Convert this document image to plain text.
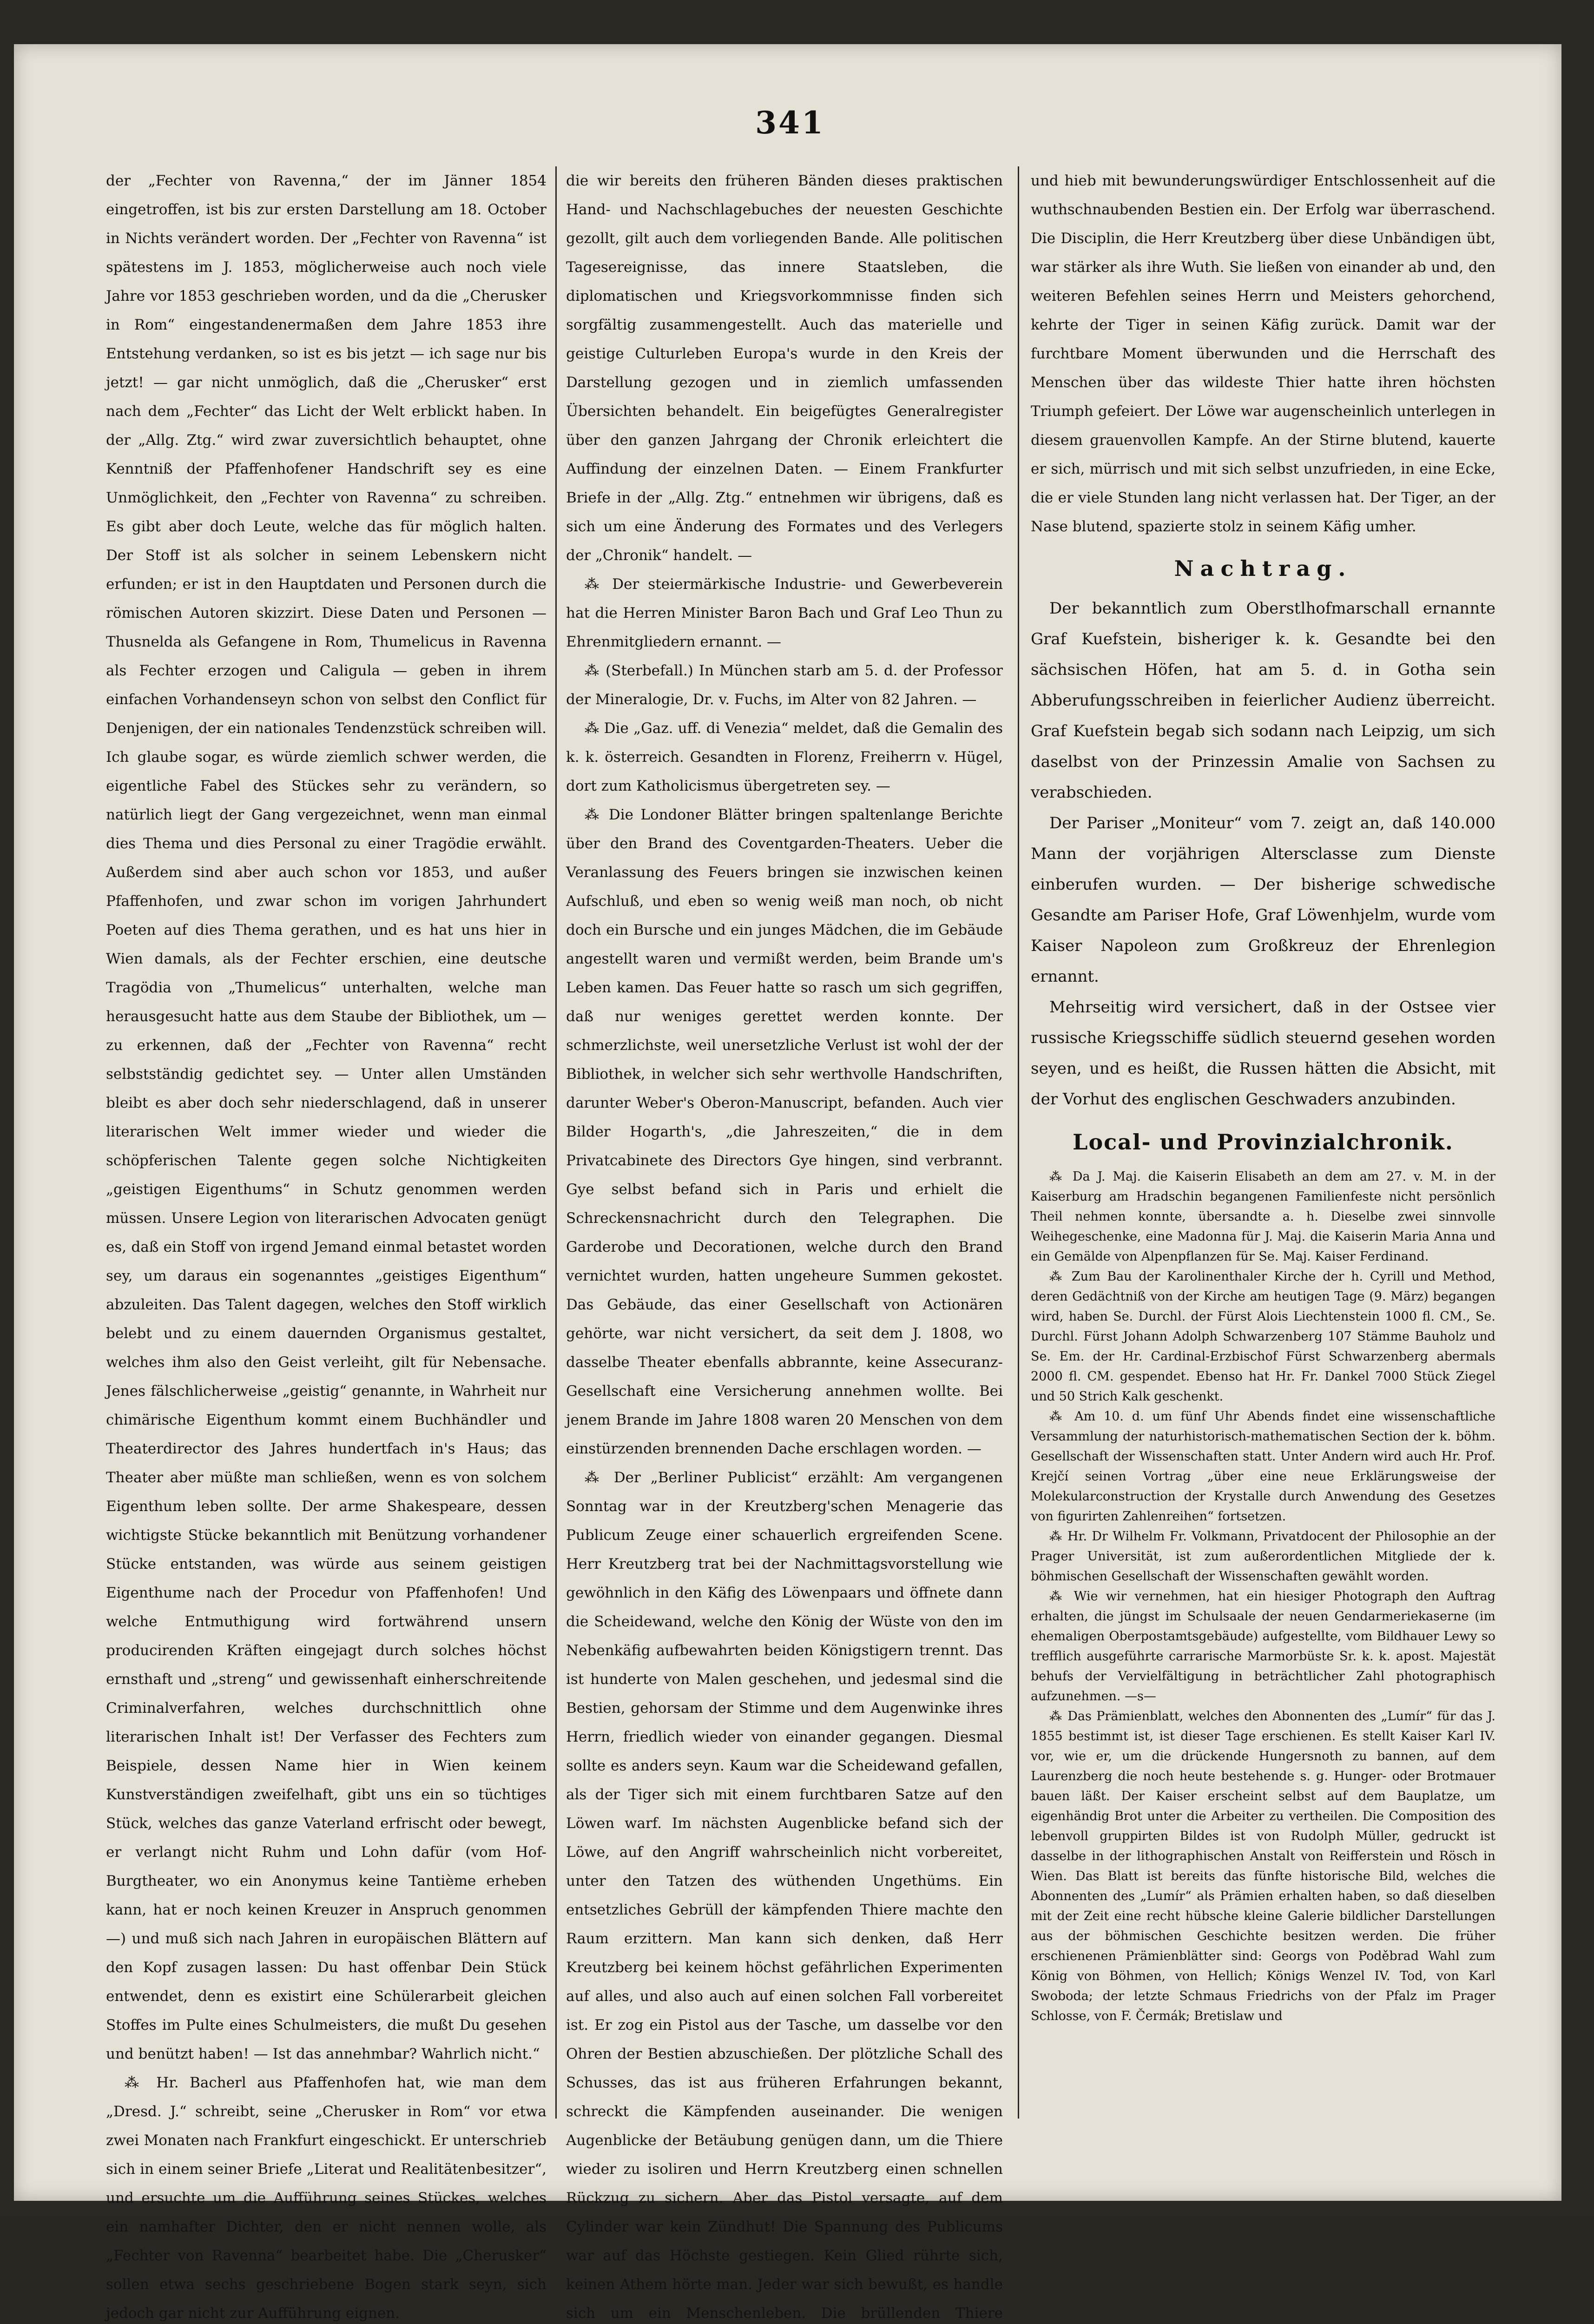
341

der „Fechter von Ravenna,“ der im Jänner 1854 eingetroffen, ist bis zur ersten Darstellung am 18. October in Nichts verändert worden. Der „Fechter von Ravenna“ ist spätestens im J. 1853, möglicherweise auch noch viele Jahre vor 1853 geschrieben worden, und da die „Cherusker in Rom“ eingestandenermaßen dem Jahre 1853 ihre Entstehung verdanken, so ist es bis jetzt — ich sage nur bis jetzt! — gar nicht unmöglich, daß die „Cherusker“ erst nach dem „Fechter“ das Licht der Welt erblickt haben. In der „Allg. Ztg.“ wird zwar zuversichtlich behauptet, ohne Kenntniß der Pfaffenhofener Handschrift sey es eine Unmöglichkeit, den „Fechter von Ravenna“ zu schreiben. Es gibt aber doch Leute, welche das für möglich halten. Der Stoff ist als solcher in seinem Lebenskern nicht erfunden; er ist in den Hauptdaten und Personen durch die römischen Autoren skizzirt. Diese Daten und Personen — Thusnelda als Gefangene in Rom, Thumelicus in Ravenna als Fechter erzogen und Caligula — geben in ihrem einfachen Vorhandenseyn schon von selbst den Conflict für Denjenigen, der ein nationales Tendenzstück schreiben will. Ich glaube sogar, es würde ziemlich schwer werden, die eigentliche Fabel des Stückes sehr zu verändern, so natürlich liegt der Gang vergezeichnet, wenn man einmal dies Thema und dies Personal zu einer Tragödie erwählt. Außerdem sind aber auch schon vor 1853, und außer Pfaffenhofen, und zwar schon im vorigen Jahrhundert Poeten auf dies Thema gerathen, und es hat uns hier in Wien damals, als der Fechter erschien, eine deutsche Tragödia von „Thumelicus“ unterhalten, welche man herausgesucht hatte aus dem Staube der Bibliothek, um — zu erkennen, daß der „Fechter von Ravenna“ recht selbstständig gedichtet sey. — Unter allen Umständen bleibt es aber doch sehr niederschlagend, daß in unserer literarischen Welt immer wieder und wieder die schöpferischen Talente gegen solche Nichtigkeiten „geistigen Eigenthums“ in Schutz genommen werden müssen. Unsere Legion von literarischen Advocaten genügt es, daß ein Stoff von irgend Jemand einmal betastet worden sey, um daraus ein sogenanntes „geistiges Eigenthum“ abzuleiten. Das Talent dagegen, welches den Stoff wirklich belebt und zu einem dauernden Organismus gestaltet, welches ihm also den Geist verleiht, gilt für Nebensache. Jenes fälschlicherweise „geistig“ genannte, in Wahrheit nur chimärische Eigenthum kommt einem Buchhändler und Theaterdirector des Jahres hundertfach in's Haus; das Theater aber müßte man schließen, wenn es von solchem Eigenthum leben sollte. Der arme Shakespeare, dessen wichtigste Stücke bekanntlich mit Benützung vorhandener Stücke entstanden, was würde aus seinem geistigen Eigenthume nach der Procedur von Pfaffenhofen! Und welche Entmuthigung wird fortwährend unsern producirenden Kräften eingejagt durch solches höchst ernsthaft und „streng“ und gewissenhaft einherschreitende Criminalverfahren, welches durchschnittlich ohne literarischen Inhalt ist! Der Verfasser des Fechters zum Beispiele, dessen Name hier in Wien keinem Kunstverständigen zweifelhaft, gibt uns ein so tüchtiges Stück, welches das ganze Vaterland erfrischt oder bewegt, er verlangt nicht Ruhm und Lohn dafür (vom Hof-Burgtheater, wo ein Anonymus keine Tantième erheben kann, hat er noch keinen Kreuzer in Anspruch genommen —) und muß sich nach Jahren in europäischen Blättern auf den Kopf zusagen lassen: Du hast offenbar Dein Stück entwendet, denn es existirt eine Schülerarbeit gleichen Stoffes im Pulte eines Schulmeisters, die mußt Du gesehen und benützt haben! — Ist das annehmbar? Wahrlich nicht.“

⁂ Hr. Bacherl aus Pfaffenhofen hat, wie man dem „Dresd. J.“ schreibt, seine „Cherusker in Rom“ vor etwa zwei Monaten nach Frankfurt eingeschickt. Er unterschrieb sich in einem seiner Briefe „Literat und Realitätenbesitzer“, und ersuchte um die Aufführung seines Stückes, welches ein namhafter Dichter, den er nicht nennen wolle, als „Fechter von Ravenna“ bearbeitet habe. Die „Cherusker“ sollen etwa sechs geschriebene Bogen stark seyn, sich jedoch gar nicht zur Aufführung eignen.

die wir bereits den früheren Bänden dieses praktischen Hand- und Nachschlagebuches der neuesten Geschichte gezollt, gilt auch dem vorliegenden Bande. Alle politischen Tagesereignisse, das innere Staatsleben, die diplomatischen und Kriegsvorkommnisse finden sich sorgfältig zusammengestellt. Auch das materielle und geistige Culturleben Europa's wurde in den Kreis der Darstellung gezogen und in ziemlich umfassenden Übersichten behandelt. Ein beigefügtes Generalregister über den ganzen Jahrgang der Chronik erleichtert die Auffindung der einzelnen Daten. — Einem Frankfurter Briefe in der „Allg. Ztg.“ entnehmen wir übrigens, daß es sich um eine Änderung des Formates und des Verlegers der „Chronik“ handelt. —

⁂ Der steiermärkische Industrie- und Gewerbeverein hat die Herren Minister Baron Bach und Graf Leo Thun zu Ehrenmitgliedern ernannt. —

⁂ (Sterbefall.) In München starb am 5. d. der Professor der Mineralogie, Dr. v. Fuchs, im Alter von 82 Jahren. —

⁂ Die „Gaz. uff. di Venezia“ meldet, daß die Gemalin des k. k. österreich. Gesandten in Florenz, Freiherrn v. Hügel, dort zum Katholicismus übergetreten sey. —

⁂ Die Londoner Blätter bringen spaltenlange Berichte über den Brand des Coventgarden-Theaters. Ueber die Veranlassung des Feuers bringen sie inzwischen keinen Aufschluß, und eben so wenig weiß man noch, ob nicht doch ein Bursche und ein junges Mädchen, die im Gebäude angestellt waren und vermißt werden, beim Brande um's Leben kamen. Das Feuer hatte so rasch um sich gegriffen, daß nur weniges gerettet werden konnte. Der schmerzlichste, weil unersetzliche Verlust ist wohl der der Bibliothek, in welcher sich sehr werthvolle Handschriften, darunter Weber's Oberon-Manuscript, befanden. Auch vier Bilder Hogarth's, „die Jahreszeiten,“ die in dem Privatcabinete des Directors Gye hingen, sind verbrannt. Gye selbst befand sich in Paris und erhielt die Schreckensnachricht durch den Telegraphen. Die Garderobe und Decorationen, welche durch den Brand vernichtet wurden, hatten ungeheure Summen gekostet. Das Gebäude, das einer Gesellschaft von Actionären gehörte, war nicht versichert, da seit dem J. 1808, wo dasselbe Theater ebenfalls abbrannte, keine Assecuranz-Gesellschaft eine Versicherung annehmen wollte. Bei jenem Brande im Jahre 1808 waren 20 Menschen von dem einstürzenden brennenden Dache erschlagen worden. —

⁂ Der „Berliner Publicist“ erzählt: Am vergangenen Sonntag war in der Kreutzberg'schen Menagerie das Publicum Zeuge einer schauerlich ergreifenden Scene. Herr Kreutzberg trat bei der Nachmittagsvorstellung wie gewöhnlich in den Käfig des Löwenpaars und öffnete dann die Scheidewand, welche den König der Wüste von den im Nebenkäfig aufbewahrten beiden Königstigern trennt. Das ist hunderte von Malen geschehen, und jedesmal sind die Bestien, gehorsam der Stimme und dem Augenwinke ihres Herrn, friedlich wieder von einander gegangen. Diesmal sollte es anders seyn. Kaum war die Scheidewand gefallen, als der Tiger sich mit einem furchtbaren Satze auf den Löwen warf. Im nächsten Augenblicke befand sich der Löwe, auf den Angriff wahrscheinlich nicht vorbereitet, unter den Tatzen des wüthenden Ungethüms. Ein entsetzliches Gebrüll der kämpfenden Thiere machte den Raum erzittern. Man kann sich denken, daß Herr Kreutzberg bei keinem höchst gefährlichen Experimenten auf alles, und also auch auf einen solchen Fall vorbereitet ist. Er zog ein Pistol aus der Tasche, um dasselbe vor den Ohren der Bestien abzuschießen. Der plötzliche Schall des Schusses, das ist aus früheren Erfahrungen bekannt, schreckt die Kämpfenden auseinander. Die wenigen Augenblicke der Betäubung genügen dann, um die Thiere wieder zu isoliren und Herrn Kreutzberg einen schnellen Rückzug zu sichern. Aber das Pistol versagte, auf dem Cylinder war kein Zündhut! Die Spannung des Publicums war auf das Höchste gestiegen. Kein Glied rührte sich, keinen Athem hörte man. Jeder war sich bewußt, es handle sich um ein Menschenleben. Die brüllenden Thiere

und hieb mit bewunderungswürdiger Entschlossenheit auf die wuthschnaubenden Bestien ein. Der Erfolg war überraschend. Die Disciplin, die Herr Kreutzberg über diese Unbändigen übt, war stärker als ihre Wuth. Sie ließen von einander ab und, den weiteren Befehlen seines Herrn und Meisters gehorchend, kehrte der Tiger in seinen Käfig zurück. Damit war der furchtbare Moment überwunden und die Herrschaft des Menschen über das wildeste Thier hatte ihren höchsten Triumph gefeiert. Der Löwe war augenscheinlich unterlegen in diesem grauenvollen Kampfe. An der Stirne blutend, kauerte er sich, mürrisch und mit sich selbst unzufrieden, in eine Ecke, die er viele Stunden lang nicht verlassen hat. Der Tiger, an der Nase blutend, spazierte stolz in seinem Käfig umher.

Nachtrag.

Der bekanntlich zum Oberstlhofmarschall ernannte Graf Kuefstein, bisheriger k. k. Gesandte bei den sächsischen Höfen, hat am 5. d. in Gotha sein Abberufungsschreiben in feierlicher Audienz überreicht. Graf Kuefstein begab sich sodann nach Leipzig, um sich daselbst von der Prinzessin Amalie von Sachsen zu verabschieden.

Der Pariser „Moniteur“ vom 7. zeigt an, daß 140.000 Mann der vorjährigen Altersclasse zum Dienste einberufen wurden. — Der bisherige schwedische Gesandte am Pariser Hofe, Graf Löwenhjelm, wurde vom Kaiser Napoleon zum Großkreuz der Ehrenlegion ernannt.

Mehrseitig wird versichert, daß in der Ostsee vier russische Kriegsschiffe südlich steuernd gesehen worden seyen, und es heißt, die Russen hätten die Absicht, mit der Vorhut des englischen Geschwaders anzubinden.

Local- und Provinzialchronik.

⁂ Da J. Maj. die Kaiserin Elisabeth an dem am 27. v. M. in der Kaiserburg am Hradschin begangenen Familienfeste nicht persönlich Theil nehmen konnte, übersandte a. h. Dieselbe zwei sinnvolle Weihegeschenke, eine Madonna für J. Maj. die Kaiserin Maria Anna und ein Gemälde von Alpenpflanzen für Se. Maj. Kaiser Ferdinand.

⁂ Zum Bau der Karolinenthaler Kirche der h. Cyrill und Method, deren Gedächtniß von der Kirche am heutigen Tage (9. März) begangen wird, haben Se. Durchl. der Fürst Alois Liechtenstein 1000 fl. CM., Se. Durchl. Fürst Johann Adolph Schwarzenberg 107 Stämme Bauholz und Se. Em. der Hr. Cardinal-Erzbischof Fürst Schwarzenberg abermals 2000 fl. CM. gespendet. Ebenso hat Hr. Fr. Dankel 7000 Stück Ziegel und 50 Strich Kalk geschenkt.

⁂ Am 10. d. um fünf Uhr Abends findet eine wissenschaftliche Versammlung der naturhistorisch-mathematischen Section der k. böhm. Gesellschaft der Wissenschaften statt. Unter Andern wird auch Hr. Prof. Krejčí seinen Vortrag „über eine neue Erklärungsweise der Molekularconstruction der Krystalle durch Anwendung des Gesetzes von figurirten Zahlenreihen“ fortsetzen.

⁂ Hr. Dr Wilhelm Fr. Volkmann, Privatdocent der Philosophie an der Prager Universität, ist zum außerordentlichen Mitgliede der k. böhmischen Gesellschaft der Wissenschaften gewählt worden.

⁂ Wie wir vernehmen, hat ein hiesiger Photograph den Auftrag erhalten, die jüngst im Schulsaale der neuen Gendarmeriekaserne (im ehemaligen Oberpostamtsgebäude) aufgestellte, vom Bildhauer Lewy so trefflich ausgeführte carrarische Marmorbüste Sr. k. k. apost. Majestät behufs der Vervielfältigung in beträchtlicher Zahl photographisch aufzunehmen. —s—

⁂ Das Prämienblatt, welches den Abonnenten des „Lumír“ für das J. 1855 bestimmt ist, ist dieser Tage erschienen. Es stellt Kaiser Karl IV. vor, wie er, um die drückende Hungersnoth zu bannen, auf dem Laurenzberg die noch heute bestehende s. g. Hunger- oder Brotmauer bauen läßt. Der Kaiser erscheint selbst auf dem Bauplatze, um eigenhändig Brot unter die Arbeiter zu vertheilen. Die Composition des lebenvoll gruppirten Bildes ist von Rudolph Müller, gedruckt ist dasselbe in der lithographischen Anstalt von Reifferstein und Rösch in Wien. Das Blatt ist bereits das fünfte historische Bild, welches die Abonnenten des „Lumír“ als Prämien erhalten haben, so daß dieselben mit der Zeit eine recht hübsche kleine Galerie bildlicher Darstellungen aus der böhmischen Geschichte besitzen werden. Die früher erschienenen Prämienblätter sind: Georgs von Poděbrad Wahl zum König von Böhmen, von Hellich; Königs Wenzel IV. Tod, von Karl Swoboda; der letzte Schmaus Friedrichs von der Pfalz im Prager Schlosse, von F. Čermák; Bretislaw und
